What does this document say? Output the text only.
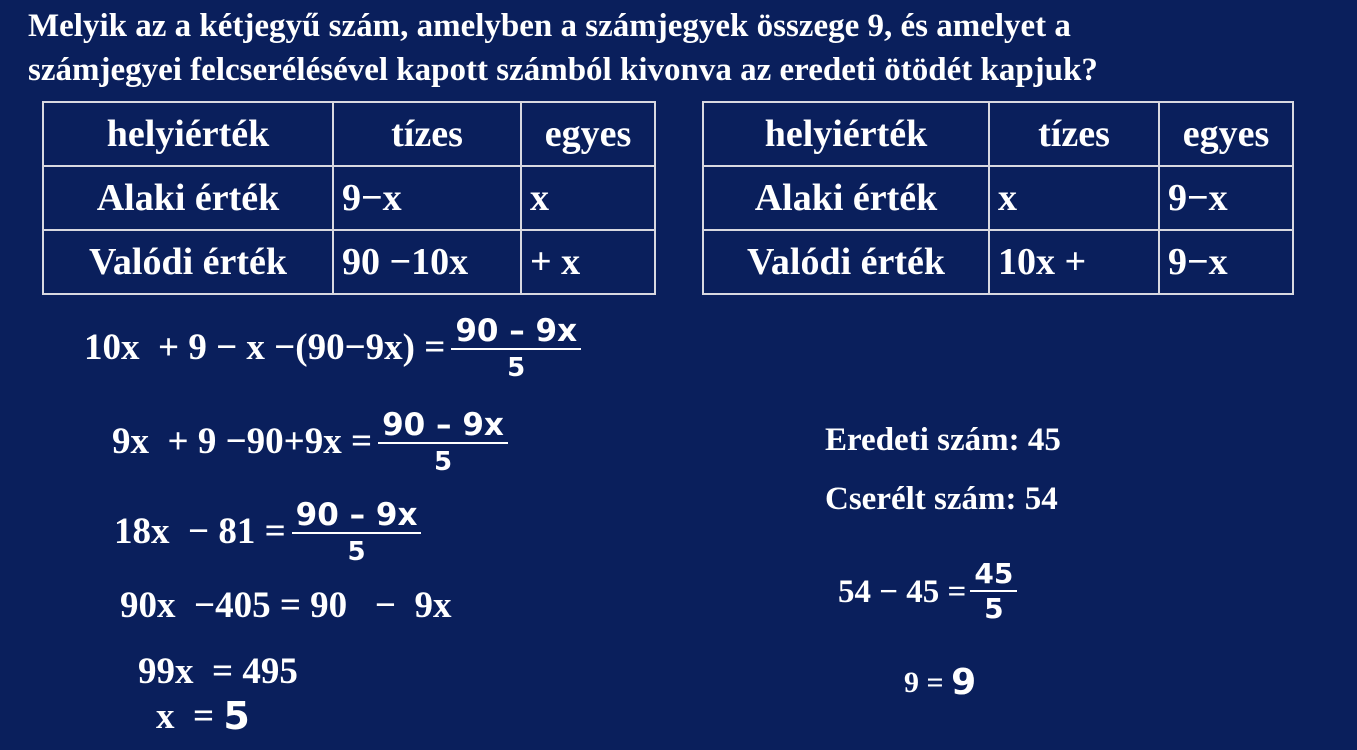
Melyik az a kétjegyű szám, amelyben a számjegyek összege 9, és amelyet a
számjegyei felcserélésével kapott számból kivonva az eredeti ötödét kapjuk?
helyiérték	tízes	egyes
Alaki érték	9−x	x
Valódi érték	90 −10x	+ x
helyiérték	tízes	egyes
Alaki érték	x	9−x
Valódi érték	10x +	9−x
$10x + 9 - x -(90-9x) = \frac{90 - 9x}{5}$
$9x + 9 -90+9x = \frac{90 - 9x}{5}$
$18x - 81 = \frac{90 - 9x}{5}$
90x  −405 = 90   −  9x
99x  = 495
x  = 5
Eredeti szám: 45
Cserélt szám: 54
$54 - 45 = \frac{45}{5}$
9 = 9
